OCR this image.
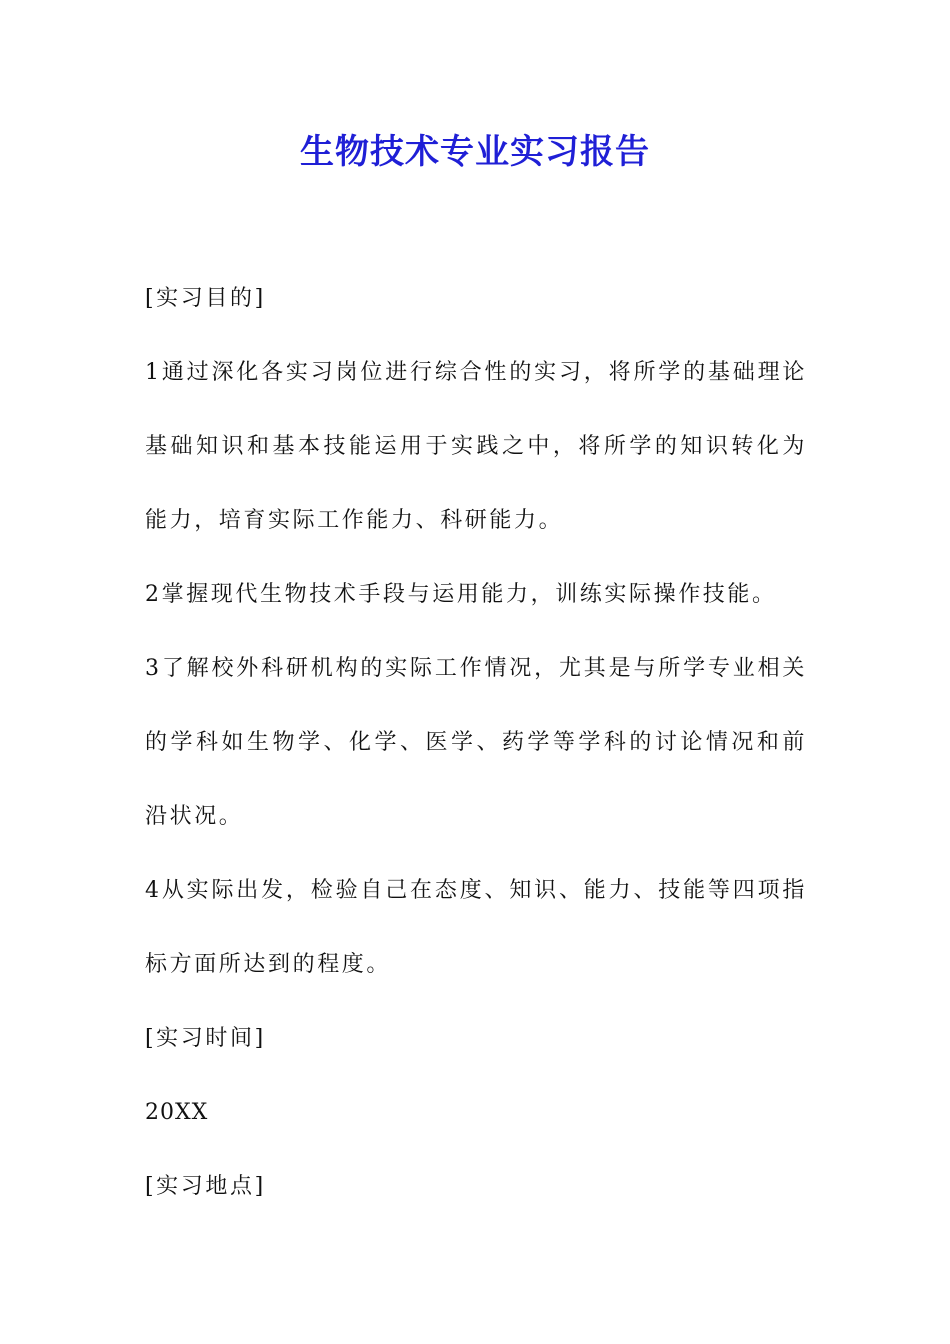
生物技术专业实习报告

[实习目的]

1通过深化各实习岗位进行综合性的实习，将所学的基础理论基础知识和基本技能运用于实践之中，将所学的知识转化为能力，培育实际工作能力、科研能力。

2掌握现代生物技术手段与运用能力，训练实际操作技能。

3了解校外科研机构的实际工作情况，尤其是与所学专业相关的学科如生物学、化学、医学、药学等学科的讨论情况和前沿状况。

4从实际出发，检验自己在态度、知识、能力、技能等四项指标方面所达到的程度。

[实习时间]

20XX

[实习地点]
